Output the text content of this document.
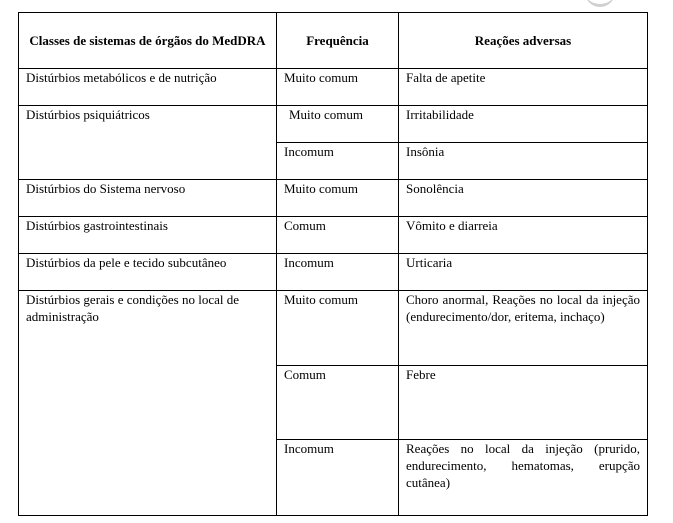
Classes de sistemas de órgãos do MedDRA	Frequência	Reações adversas
Distúrbios metabólicos e de nutrição	Muito comum	Falta de apetite
Distúrbios psiquiátricos	Muito comum	Irritabilidade
	Incomum	Insônia
Distúrbios do Sistema nervoso	Muito comum	Sonolência
Distúrbios gastrointestinais	Comum	Vômito e diarreia
Distúrbios da pele e tecido subcutâneo	Incomum	Urticaria
Distúrbios gerais e condições no local de administração	Muito comum	Choro anormal, Reações no local da injeção (endurecimento/dor, eritema, inchaço)
	Comum	Febre
	Incomum	Reações no local da injeção (prurido, endurecimento, hematomas, erupção cutânea)
